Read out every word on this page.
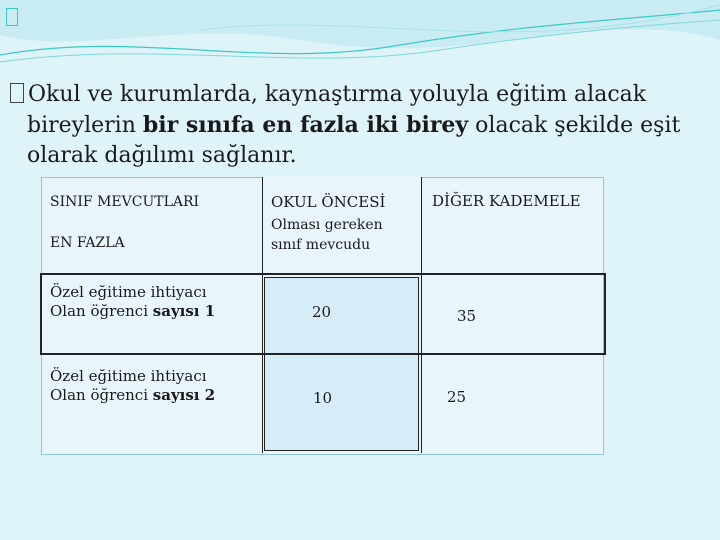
Okul ve kurumlarda, kaynaştırma yoluyla eğitim alacak
bireylerin bir sınıfa en fazla iki birey olacak şekilde eşit
olarak dağılımı sağlanır.
SINIF MEVCUTLARI
EN FAZLA
OKUL ÖNCESİ
Olması gereken
sınıf mevcudu
DİĞER KADEMELE
Özel eğitime ihtiyacı
Olan öğrenci sayısı 1
Özel eğitime ihtiyacı
Olan öğrenci sayısı 2
20	35
10	25
